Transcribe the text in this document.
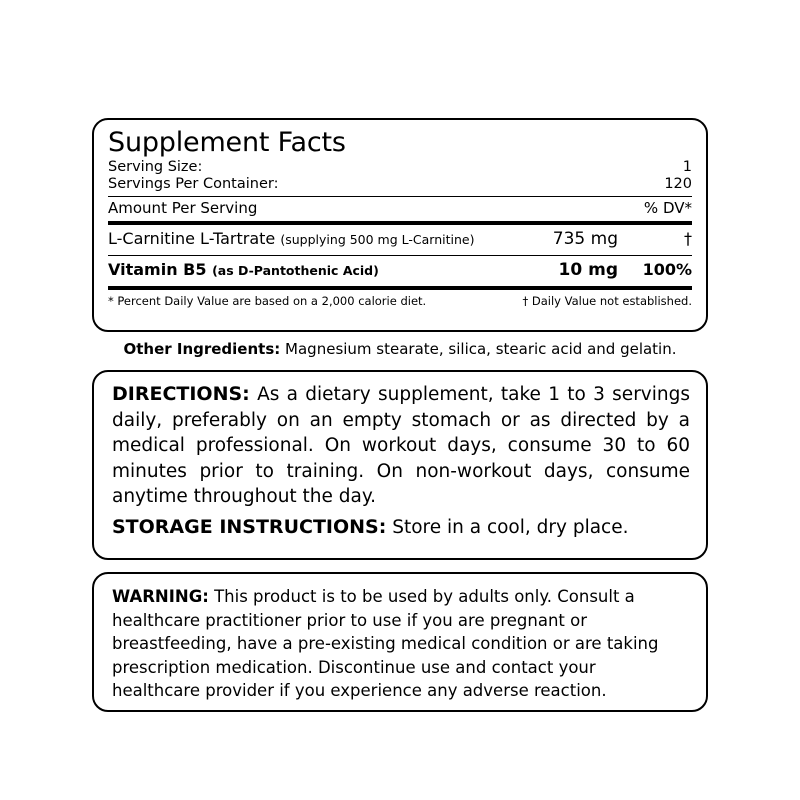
Supplement Facts
Serving Size:	1
Servings Per Container:	120
Amount Per Serving	% DV*
L-Carnitine L-Tartrate (supplying 500 mg L-Carnitine)	735 mg	†
Vitamin B5 (as D-Pantothenic Acid)	10 mg	100%
* Percent Daily Value are based on a 2,000 calorie diet.	† Daily Value not established.
Other Ingredients: Magnesium stearate, silica, stearic acid and gelatin.
DIRECTIONS: As a dietary supplement, take 1 to 3 servings daily, preferably on an empty stomach or as directed by a medical professional. On workout days, consume 30 to 60 minutes prior to training. On non-workout days, consume anytime throughout the day.
STORAGE INSTRUCTIONS: Store in a cool, dry place.
WARNING: This product is to be used by adults only. Consult a healthcare practitioner prior to use if you are pregnant or breastfeeding, have a pre-existing medical condition or are taking prescription medication. Discontinue use and contact your healthcare provider if you experience any adverse reaction.
